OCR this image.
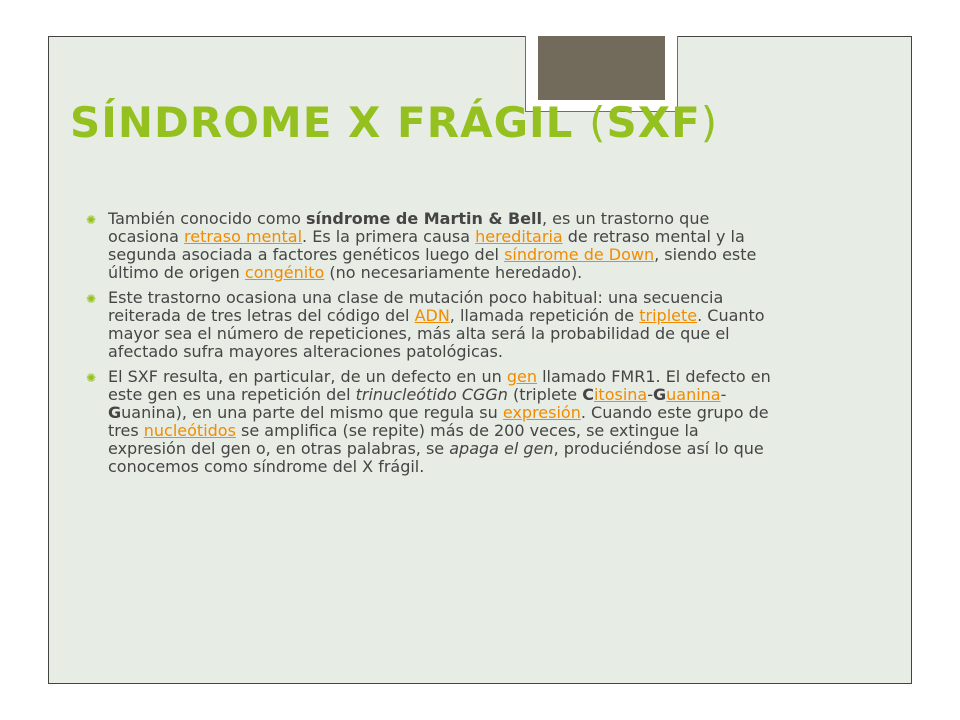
SÍNDROME X FRÁGIL (SXF)
✺ También conocido como síndrome de Martin & Bell, es un trastorno que ocasiona retraso mental. Es la primera causa hereditaria de retraso mental y la segunda asociada a factores genéticos luego del síndrome de Down, siendo este último de origen congénito (no necesariamente heredado).
✺ Este trastorno ocasiona una clase de mutación poco habitual: una secuencia reiterada de tres letras del código del ADN, llamada repetición de triplete. Cuanto mayor sea el número de repeticiones, más alta será la probabilidad de que el afectado sufra mayores alteraciones patológicas.
✺ El SXF resulta, en particular, de un defecto en un gen llamado FMR1. El defecto en este gen es una repetición del trinucleótido CGGn (triplete Citosina-Guanina-Guanina), en una parte del mismo que regula su expresión. Cuando este grupo de tres nucleótidos se amplifica (se repite) más de 200 veces, se extingue la expresión del gen o, en otras palabras, se apaga el gen, produciéndose así lo que conocemos como síndrome del X frágil.
